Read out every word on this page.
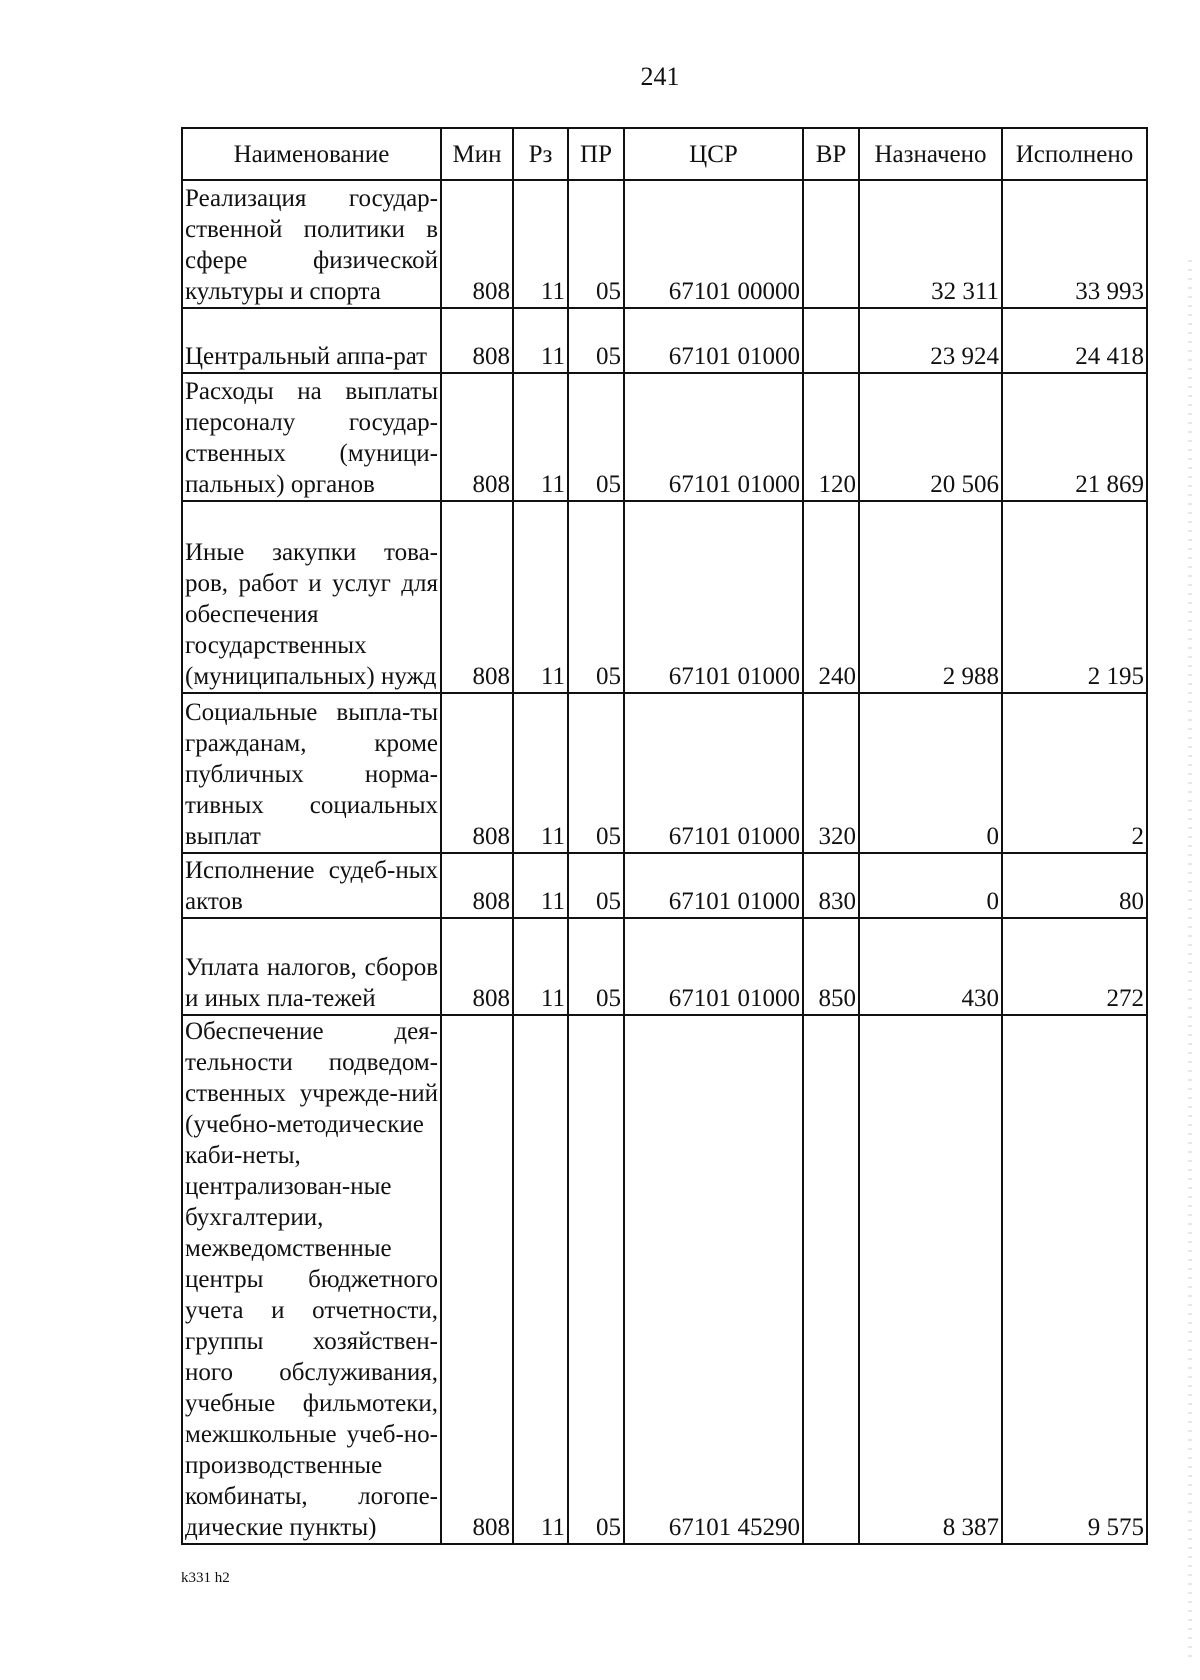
241
Наименование	Мин	Рз	ПР	ЦСР	ВР	Назначено	Исполнено
Реализация государ-ственной политики в сфере физической культуры и спорта	808	11	05	67101 00000		32 311	33 993
Центральный аппа-рат	808	11	05	67101 01000		23 924	24 418
Расходы на выплаты персоналу государ-ственных (муници-пальных) органов	808	11	05	67101 01000	120	20 506	21 869
Иные закупки това-ров, работ и услуг для обеспечения государственных (муниципальных) нужд	808	11	05	67101 01000	240	2 988	2 195
Социальные выпла-ты гражданам, кроме публичных норма-тивных социальных выплат	808	11	05	67101 01000	320	0	2
Исполнение судеб-ных актов	808	11	05	67101 01000	830	0	80
Уплата налогов, сборов и иных пла-тежей	808	11	05	67101 01000	850	430	272
Обеспечение дея-тельности подведом-ственных учрежде-ний (учебно-методические каби-неты, централизован-ные бухгалтерии, межведомственные центры бюджетного учета и отчетности, группы хозяйствен-ного обслуживания, учебные фильмотеки, межшкольные учеб-но-производственные комбинаты, логопе-дические пункты)	808	11	05	67101 45290		8 387	9 575
k331 h2
